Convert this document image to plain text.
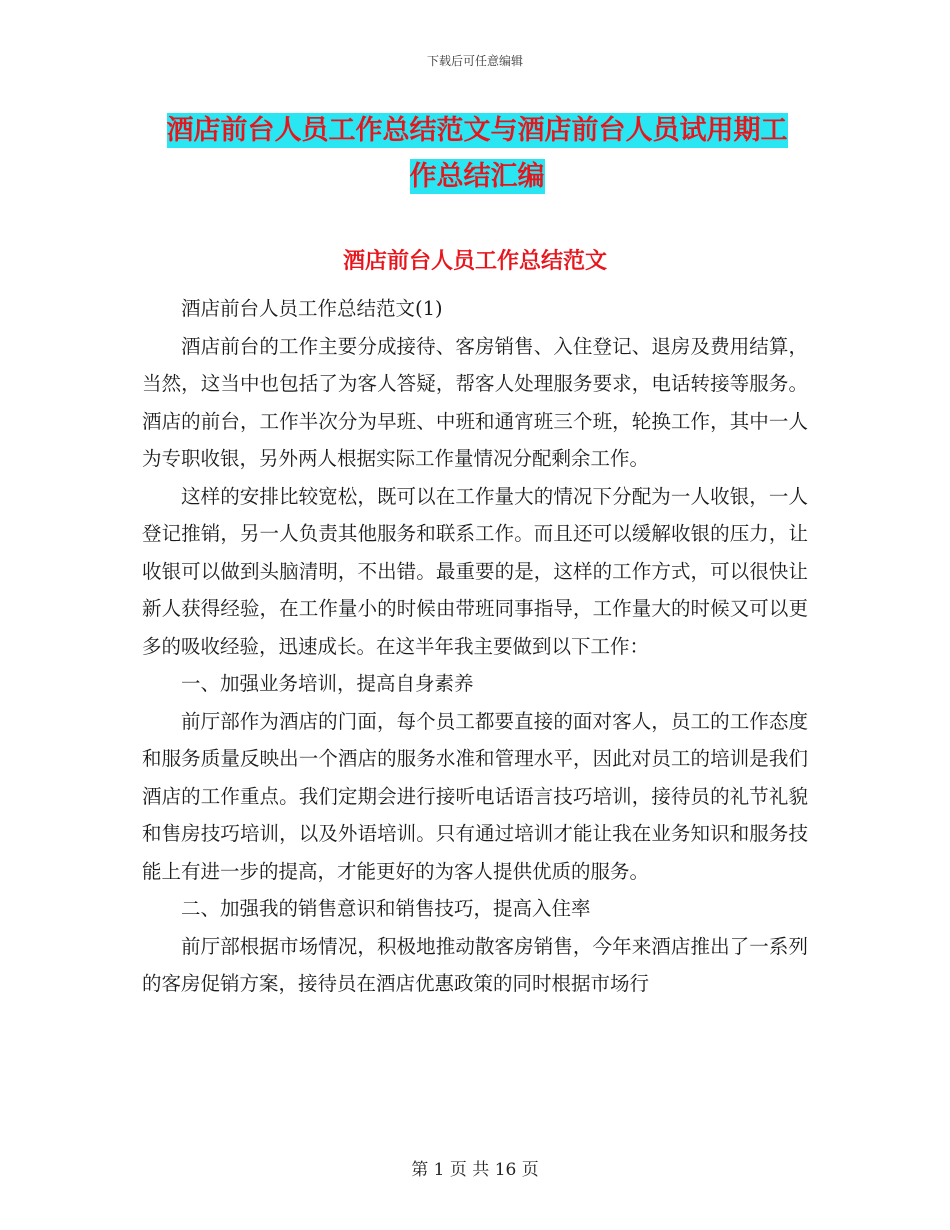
下载后可任意编辑
酒店前台人员工作总结范文与酒店前台人员试用期工
作总结汇编
酒店前台人员工作总结范文

酒店前台人员工作总结范文(1)

酒店前台的工作主要分成接待、客房销售、入住登记、退房及费用结算，当然，这当中也包括了为客人答疑，帮客人处理服务要求，电话转接等服务。酒店的前台，工作半次分为早班、中班和通宵班三个班，轮换工作，其中一人为专职收银，另外两人根据实际工作量情况分配剩余工作。

这样的安排比较宽松，既可以在工作量大的情况下分配为一人收银，一人登记推销，另一人负责其他服务和联系工作。而且还可以缓解收银的压力，让收银可以做到头脑清明，不出错。最重要的是，这样的工作方式，可以很快让新人获得经验，在工作量小的时候由带班同事指导，工作量大的时候又可以更多的吸收经验，迅速成长。在这半年我主要做到以下工作：

一、加强业务培训，提高自身素养

前厅部作为酒店的门面，每个员工都要直接的面对客人，员工的工作态度和服务质量反映出一个酒店的服务水准和管理水平，因此对员工的培训是我们酒店的工作重点。我们定期会进行接听电话语言技巧培训，接待员的礼节礼貌和售房技巧培训，以及外语培训。只有通过培训才能让我在业务知识和服务技能上有进一步的提高，才能更好的为客人提供优质的服务。

二、加强我的销售意识和销售技巧，提高入住率

前厅部根据市场情况，积极地推动散客房销售，今年来酒店推出了一系列的客房促销方案，接待员在酒店优惠政策的同时根据市场行

第 1 页 共 16 页
